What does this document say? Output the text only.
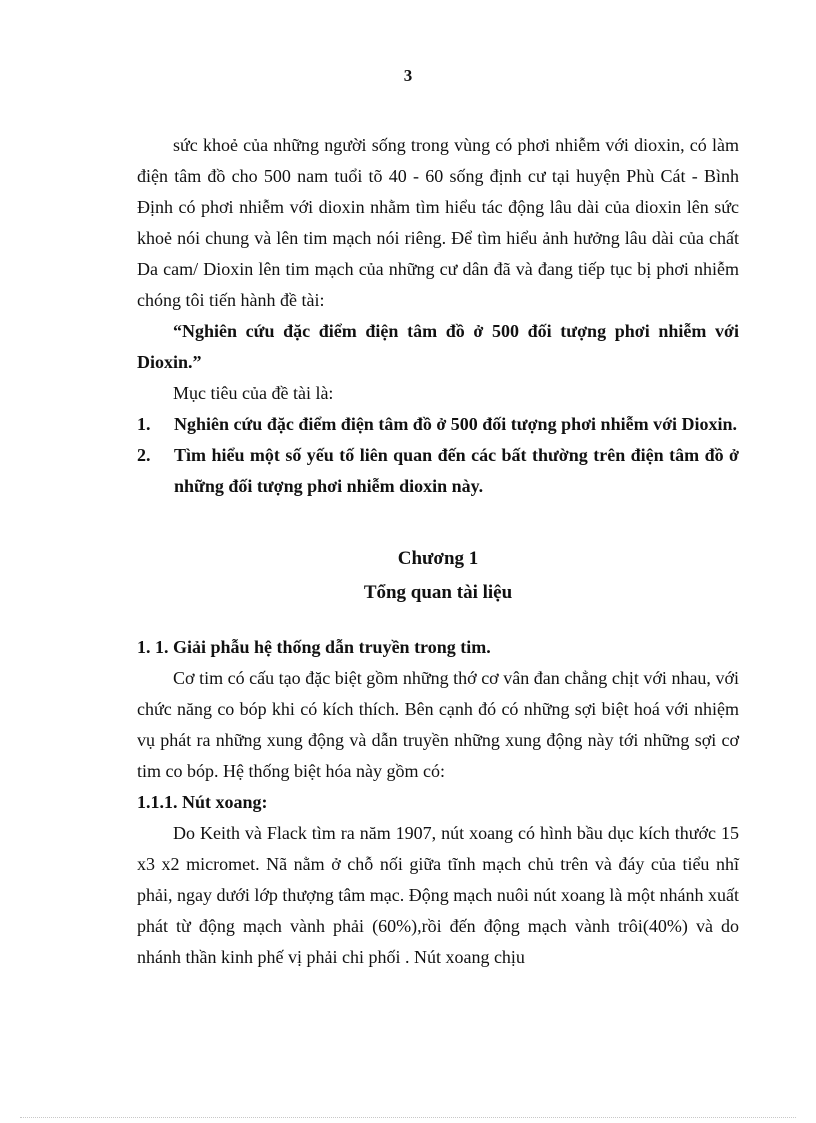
3

sức khoẻ của những người sống trong vùng có phơi nhiễm với dioxin, có làm điện tâm đồ cho 500 nam tuổi tõ 40 - 60 sống định cư tại huyện Phù Cát - Bình Định có phơi nhiễm với dioxin nhằm tìm hiểu tác động lâu dài của dioxin lên sức khoẻ nói chung và lên tim mạch nói riêng. Để tìm hiểu ảnh hưởng lâu dài của chất Da cam/ Dioxin lên tim mạch của những cư dân đã và đang tiếp tục bị phơi nhiễm chóng tôi tiến hành đề tài:

“Nghiên cứu đặc điểm điện tâm đồ ở 500 đối tượng phơi nhiễm với Dioxin.”

Mục tiêu của đề tài là:

1.	Nghiên cứu đặc điểm điện tâm đồ ở 500 đối tượng phơi nhiễm với Dioxin.
2.	Tìm hiểu một số yếu tố liên quan đến các bất thường trên điện tâm đồ ở những đối tượng phơi nhiễm dioxin này.
Chương 1
Tổng quan tài liệu

1. 1. Giải phẫu hệ thống dẫn truyền trong tim.

Cơ tim có cấu tạo đặc biệt gồm những thớ cơ vân đan chẳng chịt với nhau, với chức năng co bóp khi có kích thích. Bên cạnh đó có những sợi biệt hoá với nhiệm vụ phát ra những xung động và dẫn truyền những xung động này tới những sợi cơ tim co bóp. Hệ thống biệt hóa này gồm có:

1.1.1. Nút xoang:

Do Keith và Flack tìm ra năm 1907, nút xoang có hình bầu dục kích thước 15 x3 x2 micromet. Nã nằm ở chỗ nối giữa tĩnh mạch chủ trên và đáy của tiểu nhĩ phải, ngay dưới lớp thượng tâm mạc. Động mạch nuôi nút xoang là một nhánh xuất phát từ động mạch vành phải (60%),rồi đến động mạch vành trôi(40%) và do nhánh thần kinh phế vị phải chi phối . Nút xoang chịu
